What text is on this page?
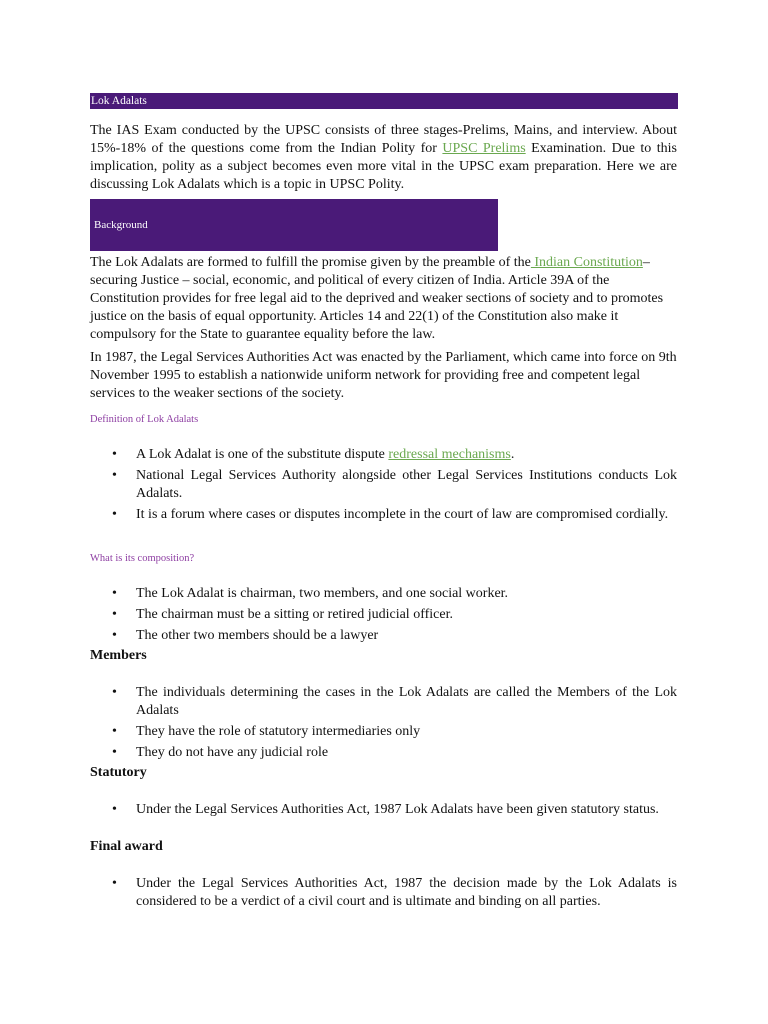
Lok Adalats

The IAS Exam conducted by the UPSC consists of three stages-Prelims, Mains, and interview. About 15%-18% of the questions come from the Indian Polity for UPSC Prelims Examination. Due to this implication, polity as a subject becomes even more vital in the UPSC exam preparation. Here we are discussing Lok Adalats which is a topic in UPSC Polity.

Background

The Lok Adalats are formed to fulfill the promise given by the preamble of the Indian Constitution– securing Justice – social, economic, and political of every citizen of India. Article 39A of the Constitution provides for free legal aid to the deprived and weaker sections of society and to promotes justice on the basis of equal opportunity. Articles 14 and 22(1) of the Constitution also make it compulsory for the State to guarantee equality before the law.

In 1987, the Legal Services Authorities Act was enacted by the Parliament, which came into force on 9th November 1995 to establish a nationwide uniform network for providing free and competent legal services to the weaker sections of the society.

Definition of Lok Adalats

• A Lok Adalat is one of the substitute dispute redressal mechanisms.
• National Legal Services Authority alongside other Legal Services Institutions conducts Lok Adalats.
• It is a forum where cases or disputes incomplete in the court of law are compromised cordially.

What is its composition?

• The Lok Adalat is chairman, two members, and one social worker.
• The chairman must be a sitting or retired judicial officer.
• The other two members should be a lawyer

Members

• The individuals determining the cases in the Lok Adalats are called the Members of the Lok Adalats
• They have the role of statutory intermediaries only
• They do not have any judicial role

Statutory

• Under the Legal Services Authorities Act, 1987 Lok Adalats have been given statutory status.

Final award

• Under the Legal Services Authorities Act, 1987 the decision made by the Lok Adalats is considered to be a verdict of a civil court and is ultimate and binding on all parties.
